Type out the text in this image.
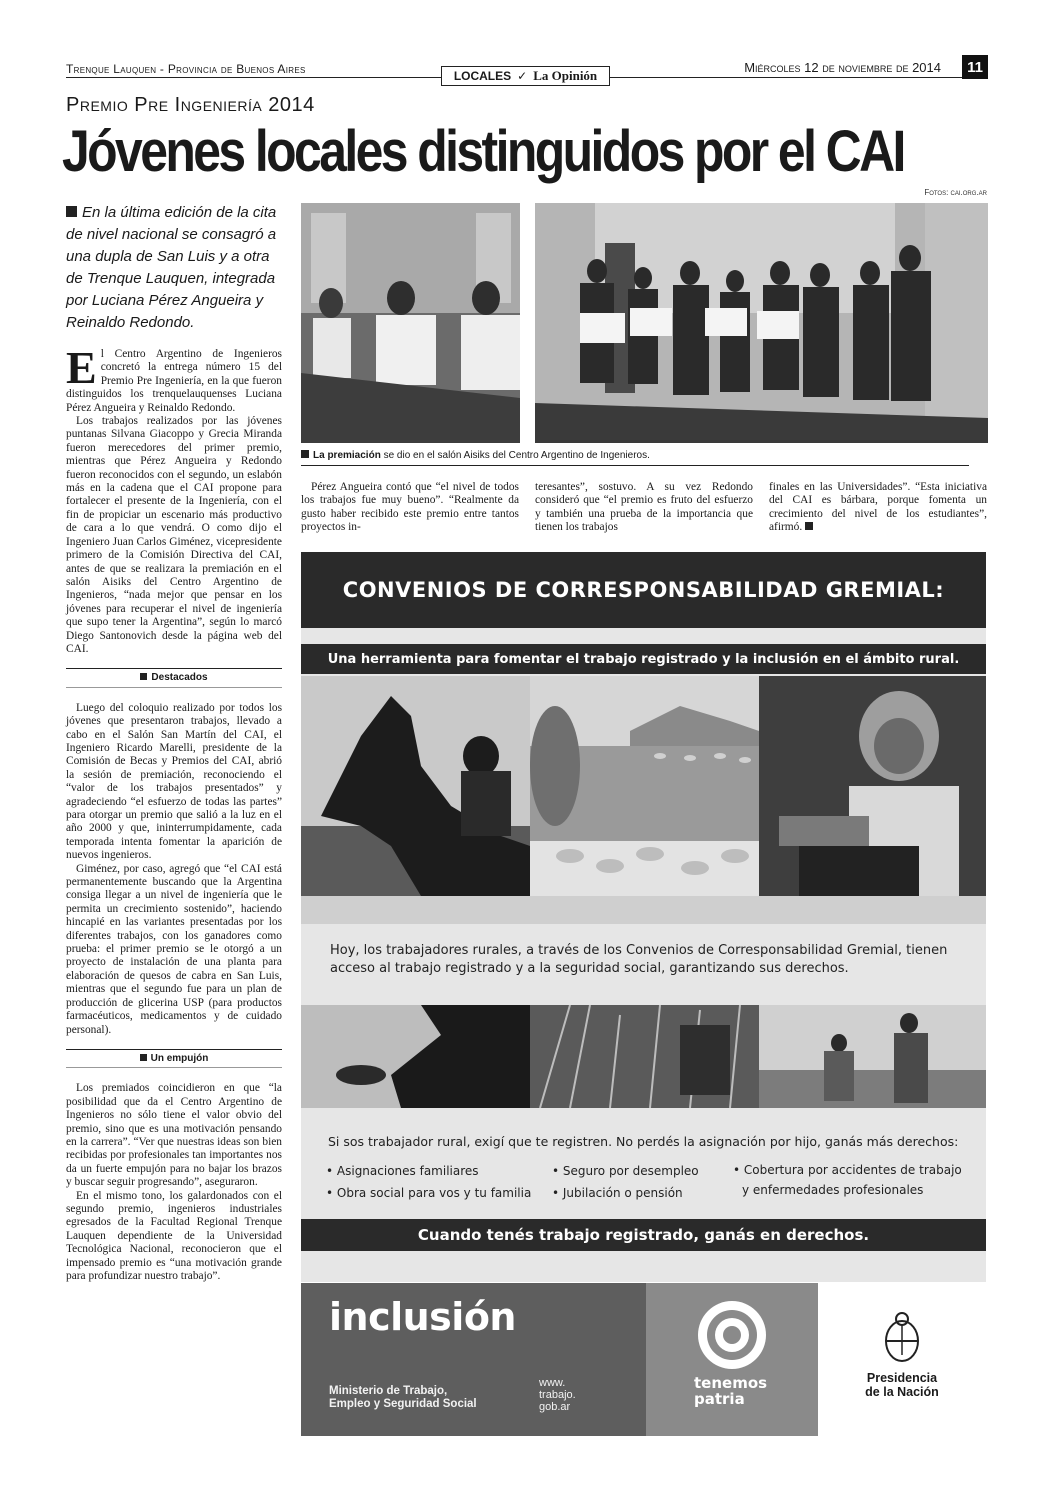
Trenque Lauquen - Provincia de Buenos Aires	LOCALES ✓ La Opinión
Miércoles 12 de noviembre de 2014	11
Premio Pre Ingeniería 2014
Jóvenes locales distinguidos por el CAI
Fotos: cai.org.ar
En la última edición de la cita de nivel nacional se consagró a una dupla de San Luis y a otra de Trenque Lauquen, integrada por Luciana Pérez Angueira y Reinaldo Redondo.

El Centro Argentino de Ingenieros concretó la entrega número 15 del Premio Pre Ingeniería, en la que fueron distinguidos los trenquelauquenses Luciana Pérez Angueira y Reinaldo Redondo.

Los trabajos realizados por las jóvenes puntanas Silvana Giacoppo y Grecia Miranda fueron merecedores del primer premio, mientras que Pérez Angueira y Redondo fueron reconocidos con el segundo, un eslabón más en la cadena que el CAI propone para fortalecer el presente de la Ingeniería, con el fin de propiciar un escenario más productivo de cara a lo que vendrá. O como dijo el Ingeniero Juan Carlos Giménez, vicepresidente primero de la Comisión Directiva del CAI, antes de que se realizara la premiación en el salón Aisiks del Centro Argentino de Ingenieros, “nada mejor que pensar en los jóvenes para recuperar el nivel de ingeniería que supo tener la Argentina”, según lo marcó Diego Santonovich desde la página web del CAI.

Destacados

Luego del coloquio realizado por todos los jóvenes que presentaron trabajos, llevado a cabo en el Salón San Martín del CAI, el Ingeniero Ricardo Marelli, presidente de la Comisión de Becas y Premios del CAI, abrió la sesión de premiación, reconociendo el “valor de los trabajos presentados” y agradeciendo “el esfuerzo de todas las partes” para otorgar un premio que salió a la luz en el año 2000 y que, ininterrumpidamente, cada temporada intenta fomentar la aparición de nuevos ingenieros.

Giménez, por caso, agregó que “el CAI está permanentemente buscando que la Argentina consiga llegar a un nivel de ingeniería que le permita un crecimiento sostenido”, haciendo hincapié en las variantes presentadas por los diferentes trabajos, con los ganadores como prueba: el primer premio se le otorgó a un proyecto de instalación de una planta para elaboración de quesos de cabra en San Luis, mientras que el segundo fue para un plan de producción de glicerina USP (para productos farmacéuticos, medicamentos y de cuidado personal).

Un empujón

Los premiados coincidieron en que “la posibilidad que da el Centro Argentino de Ingenieros no sólo tiene el valor obvio del premio, sino que es una motivación pensando en la carrera”. “Ver que nuestras ideas son bien recibidas por profesionales tan importantes nos da un fuerte empujón para no bajar los brazos y buscar seguir progresando”, aseguraron.

En el mismo tono, los galardonados con el segundo premio, ingenieros industriales egresados de la Facultad Regional Trenque Lauquen dependiente de la Universidad Tecnológica Nacional, reconocieron que el impensado premio es “una motivación grande para profundizar nuestro trabajo”.

La premiación se dio en el salón Aisiks del Centro Argentino de Ingenieros.

Pérez Angueira contó que “el nivel de todos los trabajos fue muy bueno”. “Realmente da gusto haber recibido este premio entre tantos proyectos in-

teresantes”, sostuvo. A su vez Redondo consideró que “el premio es fruto del esfuerzo y también una prueba de la importancia que tienen los trabajos

finales en las Universidades”. “Esta iniciativa del CAI es bárbara, porque fomenta un crecimiento del nivel de los estudiantes”, afirmó.

CONVENIOS DE CORRESPONSABILIDAD GREMIAL:
Una herramienta para fomentar el trabajo registrado y la inclusión en el ámbito rural.
Hoy, los trabajadores rurales, a través de los Convenios de Corresponsabilidad Gremial, tienen acceso al trabajo registrado y a la seguridad social, garantizando sus derechos.
Si sos trabajador rural, exigí que te registren. No perdés la asignación por hijo, ganás más derechos:
• Asignaciones familiares
• Obra social para vos y tu familia
• Seguro por desempleo
• Jubilación o pensión
• Cobertura por accidentes de trabajo
y enfermedades profesionales
Cuando tenés trabajo registrado, ganás en derechos.
inclusión
Ministerio de Trabajo,
Empleo y Seguridad Social
www.
trabajo.
gob.ar
tenemos
patria
Presidencia
de la Nación
